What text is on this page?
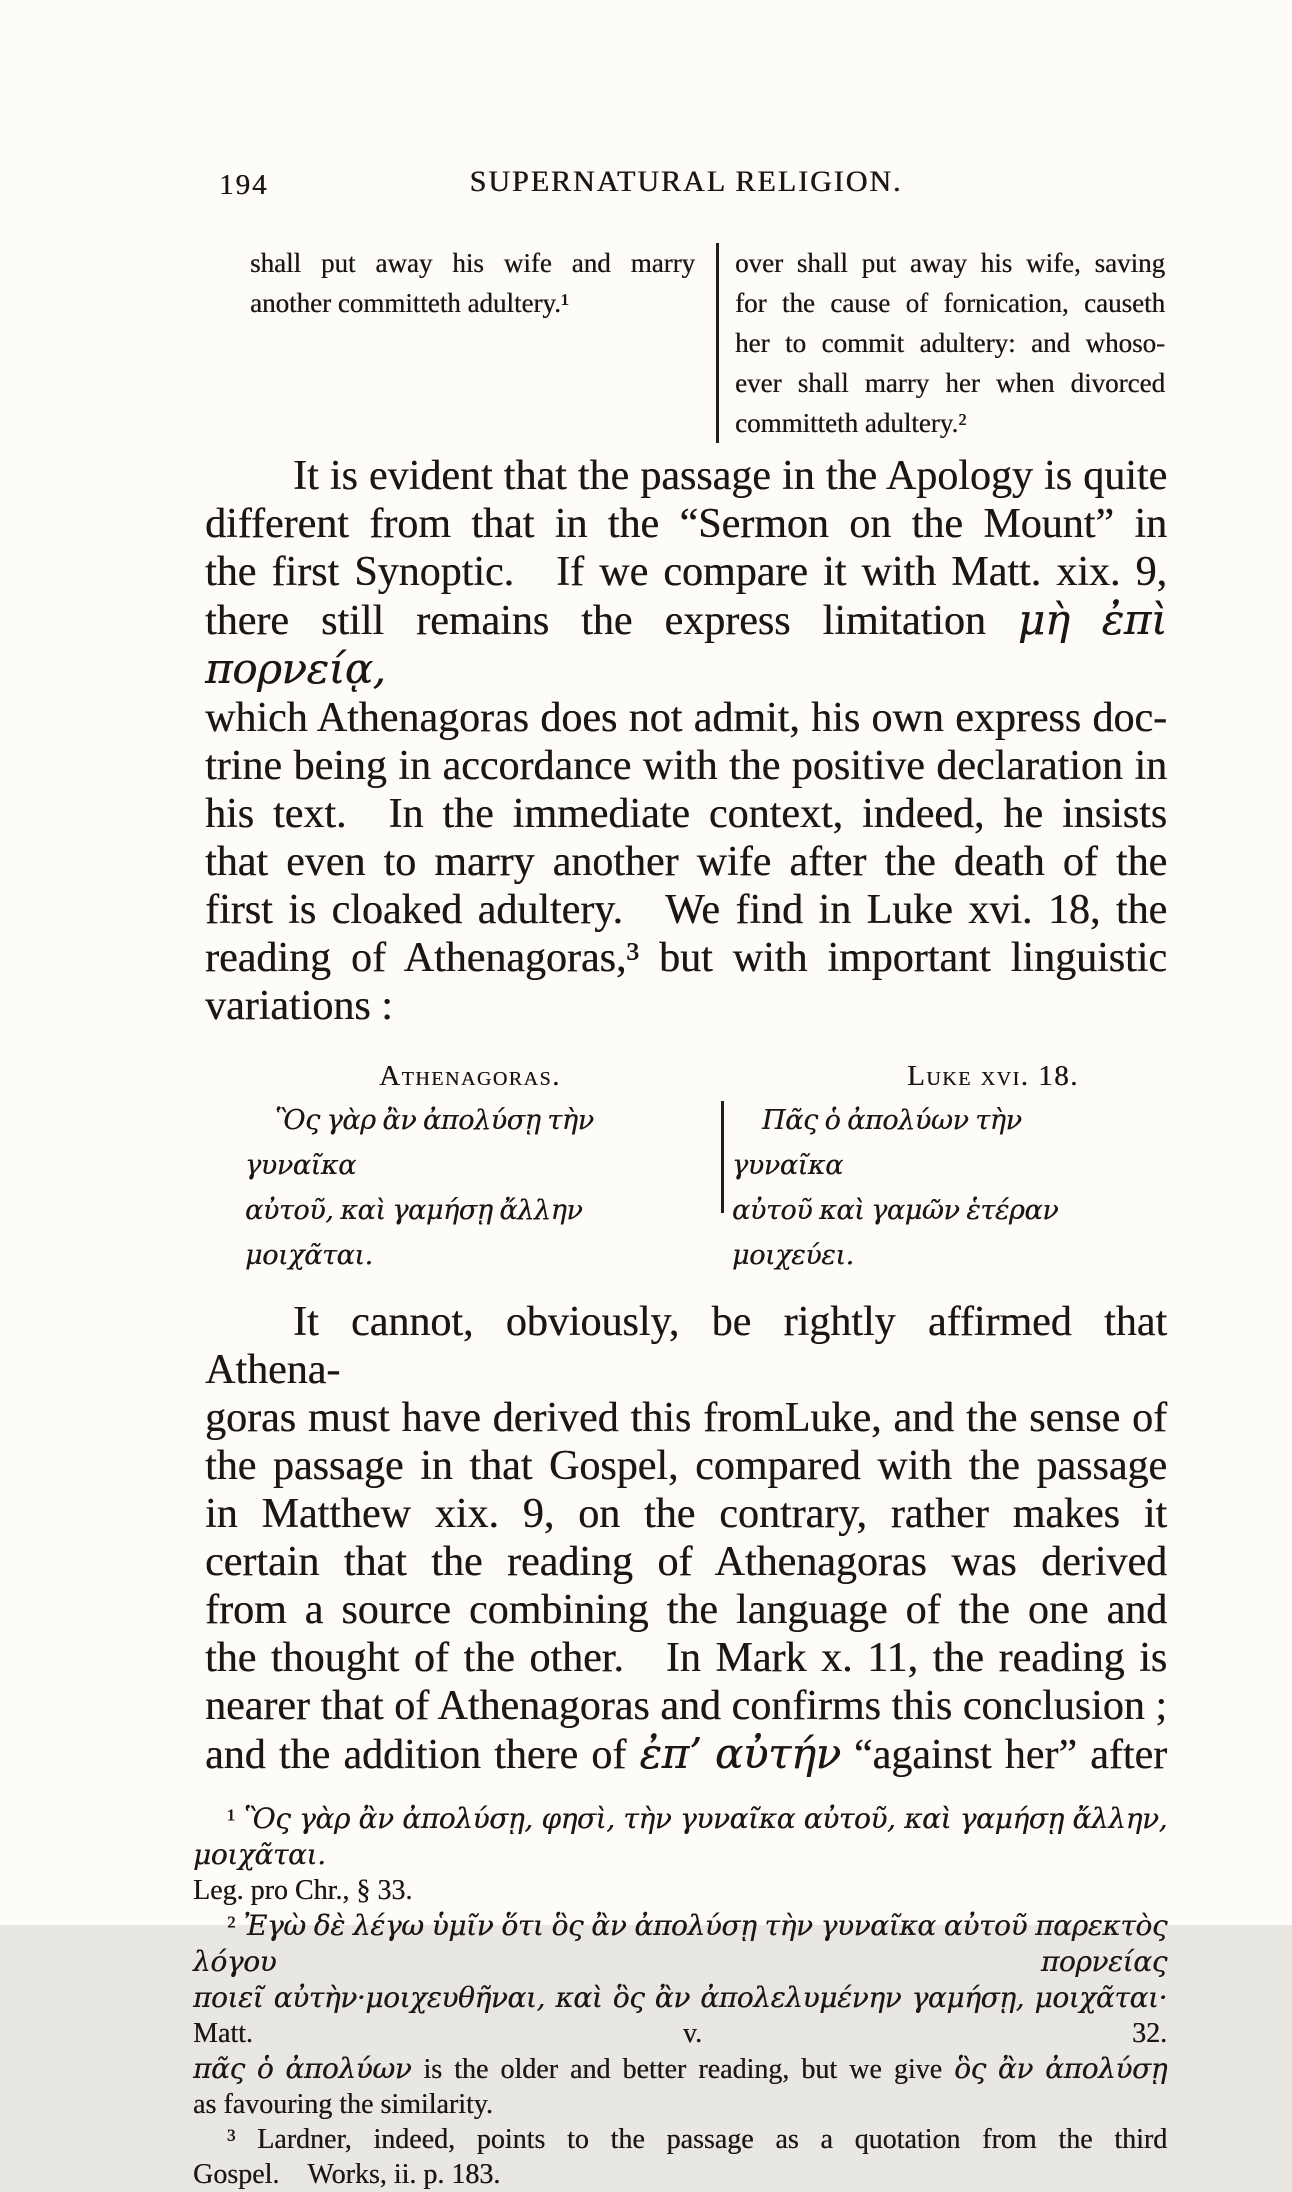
194	SUPERNATURAL RELIGION.
shall put away his wife and marry
another committeth adultery.¹
over shall put away his wife, saving
for the cause of fornication, causeth
her to commit adultery: and whoso-
ever shall marry her when divorced
committeth adultery.²
It is evident that the passage in the Apology is quite
different from that in the “Sermon on the Mount” in
the first Synoptic.  If we compare it with Matt. xix. 9,
there still remains the express limitation μὴ ἐπὶ πορνείᾳ,
which Athenagoras does not admit, his own express doc-
trine being in accordance with the positive declaration in
his text.  In the immediate context, indeed, he insists
that even to marry another wife after the death of the
first is cloaked adultery.  We find in Luke xvi. 18, the
reading of Athenagoras,³ but with important linguistic
variations :
Athenagoras.
Ὃς γὰρ ἂν ἀπολύσῃ τὴν γυναῖκα
αὐτοῦ, καὶ γαμήσῃ ἄλλην μοιχᾶται.
Luke xvi. 18.
Πᾶς ὁ ἀπολύων τὴν γυναῖκα
αὐτοῦ καὶ γαμῶν ἑτέραν μοιχεύει.
It cannot, obviously, be rightly affirmed that Athena-
goras must have derived this fromLuke, and the sense of
the passage in that Gospel, compared with the passage
in Matthew xix. 9, on the contrary, rather makes it
certain that the reading of Athenagoras was derived
from a source combining the language of the one and
the thought of the other.  In Mark x. 11, the reading is
nearer that of Athenagoras and confirms this conclusion ;
and the addition there of ἐπ’ αὐτήν “against her” after
¹ Ὃς γὰρ ἂν ἀπολύσῃ, φησὶ, τὴν γυναῖκα αὐτοῦ, καὶ γαμήσῃ ἄλλην, μοιχᾶται.
Leg. pro Chr., § 33.
² Ἐγὼ δὲ λέγω ὑμῖν ὅτι ὃς ἂν ἀπολύσῃ τὴν γυναῖκα αὐτοῦ παρεκτὸς λόγου	πορνείας
ποιεῖ αὐτὴν·μοιχευθῆναι, καὶ ὃς ἂν ἀπολελυμένην γαμήσῃ, μοιχᾶται· Matt.	v.	32.
πᾶς ὁ ἀπολύων is the older and better reading, but we give ὃς ἂν ἀπολύσῃ
as favouring the similarity.
³ Lardner, indeed, points to the passage as a quotation from the third
Gospel.  Works, ii. p. 183.
